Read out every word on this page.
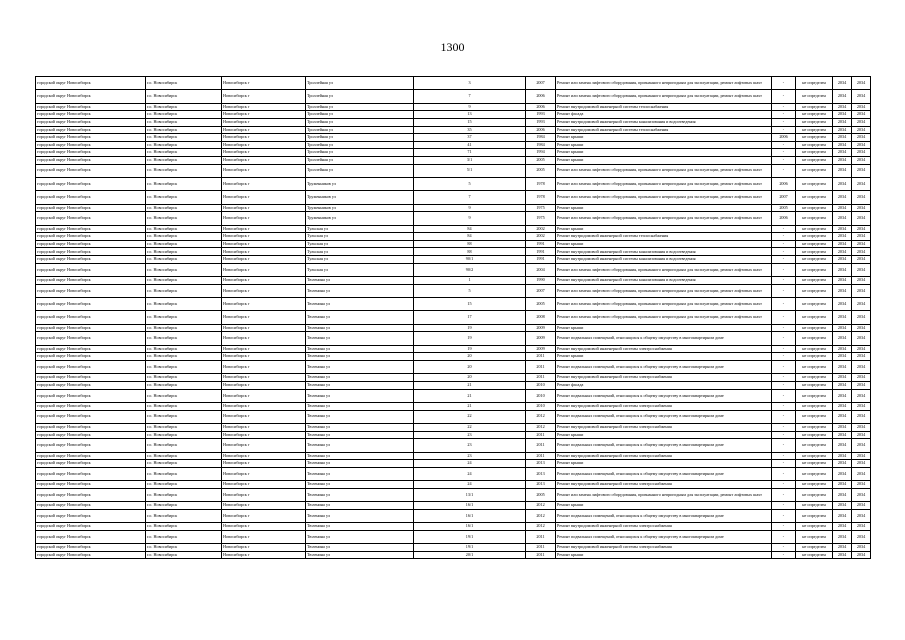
1300
городской округ Новосибирск	г.о. Новосибирск	Новосибирск г	Троллейная ул	3	2007	Ремонт или замена лифтового оборудования, признанного непригодным для эксплуатации, ремонт лифтовых шахт	-	не определен	2034	2034
городской округ Новосибирск	г.о. Новосибирск	Новосибирск г	Троллейная ул	7	2006	Ремонт или замена лифтового оборудования, признанного непригодным для эксплуатации, ремонт лифтовых шахт	-	не определен	2034	2034
городской округ Новосибирск	г.о. Новосибирск	Новосибирск г	Троллейная ул	9	2006	Ремонт внутридомовой инженерной системы теплоснабжения	-	не определен	2034	2034
городской округ Новосибирск	г.о. Новосибирск	Новосибирск г	Троллейная ул	13	1993	Ремонт фасада	-	не определен	2034	2034
городской округ Новосибирск	г.о. Новосибирск	Новосибирск г	Троллейная ул	15	1993	Ремонт внутридомовой инженерной системы канализования и водоотведения	-	не определен	2034	2034
городской округ Новосибирск	г.о. Новосибирск	Новосибирск г	Троллейная ул	35	2006	Ремонт внутридомовой инженерной системы теплоснабжения	-	не определен	2034	2034
городской округ Новосибирск	г.о. Новосибирск	Новосибирск г	Троллейная ул	37	1984	Ремонт крыши	2006	не определен	2034	2034
городской округ Новосибирск	г.о. Новосибирск	Новосибирск г	Троллейная ул	41	1984	Ремонт крыши	-	не определен	2034	2034
городской округ Новосибирск	г.о. Новосибирск	Новосибирск г	Троллейная ул	71	1994	Ремонт крыши	-	не определен	2034	2034
городской округ Новосибирск	г.о. Новосибирск	Новосибирск г	Троллейная ул	3/1	2005	Ремонт крыши	-	не определен	2034	2034
городской округ Новосибирск	г.о. Новосибирск	Новосибирск г	Троллейная ул	5/1	2005	Ремонт или замена лифтового оборудования, признанного непригодным для эксплуатации, ремонт лифтовых шахт	-	не определен	2034	2034
городской округ Новосибирск	г.о. Новосибирск	Новосибирск г	Труженников ул	5	1978	Ремонт или замена лифтового оборудования, признанного непригодным для эксплуатации, ремонт лифтовых шахт	2006	не определен	2034	2034
городской округ Новосибирск	г.о. Новосибирск	Новосибирск г	Труженников ул	7	1978	Ремонт или замена лифтового оборудования, признанного непригодным для эксплуатации, ремонт лифтовых шахт	2007	не определен	2034	2034
городской округ Новосибирск	г.о. Новосибирск	Новосибирск г	Труженников ул	9	1975	Ремонт крыши	2005	не определен	2034	2034
городской округ Новосибирск	г.о. Новосибирск	Новосибирск г	Труженников ул	9	1975	Ремонт или замена лифтового оборудования, признанного непригодным для эксплуатации, ремонт лифтовых шахт	2006	не определен	2034	2034
городской округ Новосибирск	г.о. Новосибирск	Новосибирск г	Тульская ул	84	2002	Ремонт крыши	-	не определен	2034	2034
городской округ Новосибирск	г.о. Новосибирск	Новосибирск г	Тульская ул	84	2002	Ремонт внутридомовой инженерной системы теплоснабжения	-	не определен	2034	2034
городской округ Новосибирск	г.о. Новосибирск	Новосибирск г	Тульская ул	88	1991	Ремонт крыши	-	не определен	2034	2034
городской округ Новосибирск	г.о. Новосибирск	Новосибирск г	Тульская ул	88	1991	Ремонт внутридомовой инженерной системы канализования и водоотведения	-	не определен	2034	2034
городской округ Новосибирск	г.о. Новосибирск	Новосибирск г	Тульская ул	90/1	1991	Ремонт внутридомовой инженерной системы канализования и водоотведения	-	не определен	2034	2034
городской округ Новосибирск	г.о. Новосибирск	Новосибирск г	Тульская ул	90/2	2004	Ремонт или замена лифтового оборудования, признанного непригодным для эксплуатации, ремонт лифтовых шахт	-	не определен	2034	2034
городской округ Новосибирск	г.о. Новосибирск	Новосибирск г	Тюленина ул	1	1990	Ремонт внутридомовой инженерной системы канализования и водоотведения	-	не определен	2034	2034
городской округ Новосибирск	г.о. Новосибирск	Новосибирск г	Тюленина ул	5	2007	Ремонт или замена лифтового оборудования, признанного непригодным для эксплуатации, ремонт лифтовых шахт	-	не определен	2034	2034
городской округ Новосибирск	г.о. Новосибирск	Новосибирск г	Тюленина ул	15	2005	Ремонт или замена лифтового оборудования, признанного непригодным для эксплуатации, ремонт лифтовых шахт	-	не определен	2034	2034
городской округ Новосибирск	г.о. Новосибирск	Новосибирск г	Тюленина ул	17	2008	Ремонт или замена лифтового оборудования, признанного непригодным для эксплуатации, ремонт лифтовых шахт	-	не определен	2034	2034
городской округ Новосибирск	г.о. Новосибирск	Новосибирск г	Тюленина ул	19	2009	Ремонт крыши	-	не определен	2034	2034
городской округ Новосибирск	г.о. Новосибирск	Новосибирск г	Тюленина ул	19	2009	Ремонт подвальных помещений, относящихся к общему имуществу в многоквартирном доме	-	не определен	2034	2034
городской округ Новосибирск	г.о. Новосибирск	Новосибирск г	Тюленина ул	19	2009	Ремонт внутридомовой инженерной системы электроснабжения	-	не определен	2034	2034
городской округ Новосибирск	г.о. Новосибирск	Новосибирск г	Тюленина ул	20	2011	Ремонт крыши	-	не определен	2034	2034
городской округ Новосибирск	г.о. Новосибирск	Новосибирск г	Тюленина ул	20	2011	Ремонт подвальных помещений, относящихся к общему имуществу в многоквартирном доме	-	не определен	2034	2034
городской округ Новосибирск	г.о. Новосибирск	Новосибирск г	Тюленина ул	20	2011	Ремонт внутридомовой инженерной системы электроснабжения	-	не определен	2034	2034
городской округ Новосибирск	г.о. Новосибирск	Новосибирск г	Тюленина ул	21	2010	Ремонт фасада	-	не определен	2034	2034
городской округ Новосибирск	г.о. Новосибирск	Новосибирск г	Тюленина ул	21	2010	Ремонт подвальных помещений, относящихся к общему имуществу в многоквартирном доме	-	не определен	2034	2034
городской округ Новосибирск	г.о. Новосибирск	Новосибирск г	Тюленина ул	21	2010	Ремонт внутридомовой инженерной системы электроснабжения	-	не определен	2034	2034
городской округ Новосибирск	г.о. Новосибирск	Новосибирск г	Тюленина ул	22	2012	Ремонт подвальных помещений, относящихся к общему имуществу в многоквартирном доме	-	не определен	2034	2034
городской округ Новосибирск	г.о. Новосибирск	Новосибирск г	Тюленина ул	22	2012	Ремонт внутридомовой инженерной системы электроснабжения	-	не определен	2034	2034
городской округ Новосибирск	г.о. Новосибирск	Новосибирск г	Тюленина ул	23	2011	Ремонт крыши	-	не определен	2034	2034
городской округ Новосибирск	г.о. Новосибирск	Новосибирск г	Тюленина ул	23	2011	Ремонт подвальных помещений, относящихся к общему имуществу в многоквартирном доме	-	не определен	2034	2034
городской округ Новосибирск	г.о. Новосибирск	Новосибирск г	Тюленина ул	23	2011	Ремонт внутридомовой инженерной системы электроснабжения	-	не определен	2034	2034
городской округ Новосибирск	г.о. Новосибирск	Новосибирск г	Тюленина ул	24	2013	Ремонт крыши	-	не определен	2034	2034
городской округ Новосибирск	г.о. Новосибирск	Новосибирск г	Тюленина ул	24	2013	Ремонт подвальных помещений, относящихся к общему имуществу в многоквартирном доме	-	не определен	2034	2034
городской округ Новосибирск	г.о. Новосибирск	Новосибирск г	Тюленина ул	24	2013	Ремонт внутридомовой инженерной системы электроснабжения	-	не определен	2034	2034
городской округ Новосибирск	г.о. Новосибирск	Новосибирск г	Тюленина ул	13/1	2005	Ремонт или замена лифтового оборудования, признанного непригодным для эксплуатации, ремонт лифтовых шахт	-	не определен	2034	2034
городской округ Новосибирск	г.о. Новосибирск	Новосибирск г	Тюленина ул	16/1	2012	Ремонт крыши	-	не определен	2034	2034
городской округ Новосибирск	г.о. Новосибирск	Новосибирск г	Тюленина ул	16/1	2012	Ремонт подвальных помещений, относящихся к общему имуществу в многоквартирном доме	-	не определен	2034	2034
городской округ Новосибирск	г.о. Новосибирск	Новосибирск г	Тюленина ул	16/1	2012	Ремонт внутридомовой инженерной системы электроснабжения	-	не определен	2034	2034
городской округ Новосибирск	г.о. Новосибирск	Новосибирск г	Тюленина ул	19/1	2011	Ремонт подвальных помещений, относящихся к общему имуществу в многоквартирном доме	-	не определен	2034	2034
городской округ Новосибирск	г.о. Новосибирск	Новосибирск г	Тюленина ул	19/1	2011	Ремонт внутридомовой инженерной системы электроснабжения	-	не определен	2034	2034
городской округ Новосибирск	г.о. Новосибирск	Новосибирск г	Тюленина ул	20/1	2011	Ремонт крыши	-	не определен	2034	2034
